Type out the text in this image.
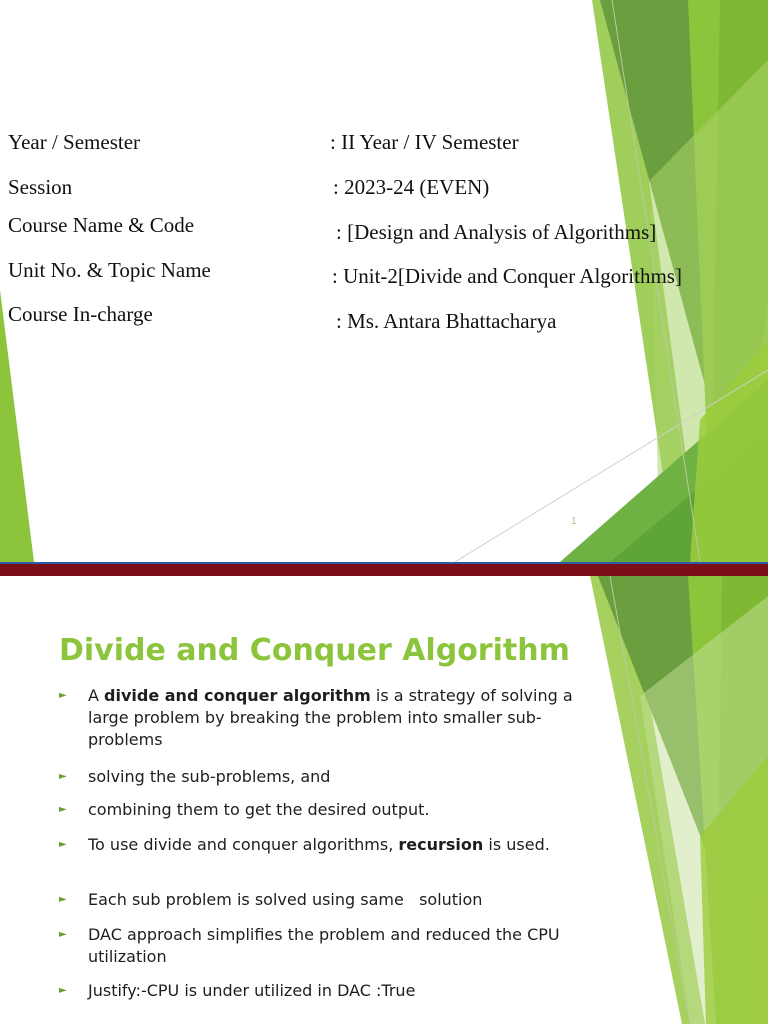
Year / Semester	: II Year / IV Semester
Session	: 2023-24 (EVEN)
Course Name & Code	: [Design and Analysis of Algorithms]
Unit No. & Topic Name	: Unit-2[Divide and Conquer Algorithms]
Course In-charge	: Ms. Antara Bhattacharya
1
Divide and Conquer Algorithm
► A divide and conquer algorithm is a strategy of solving a large problem by breaking the problem into smaller sub-problems
► solving the sub-problems, and
► combining them to get the desired output.
► To use divide and conquer algorithms, recursion is used.
► Each sub problem is solved using same   solution
► DAC approach simplifies the problem and reduced the CPU utilization
► Justify:-CPU is under utilized in DAC :True
